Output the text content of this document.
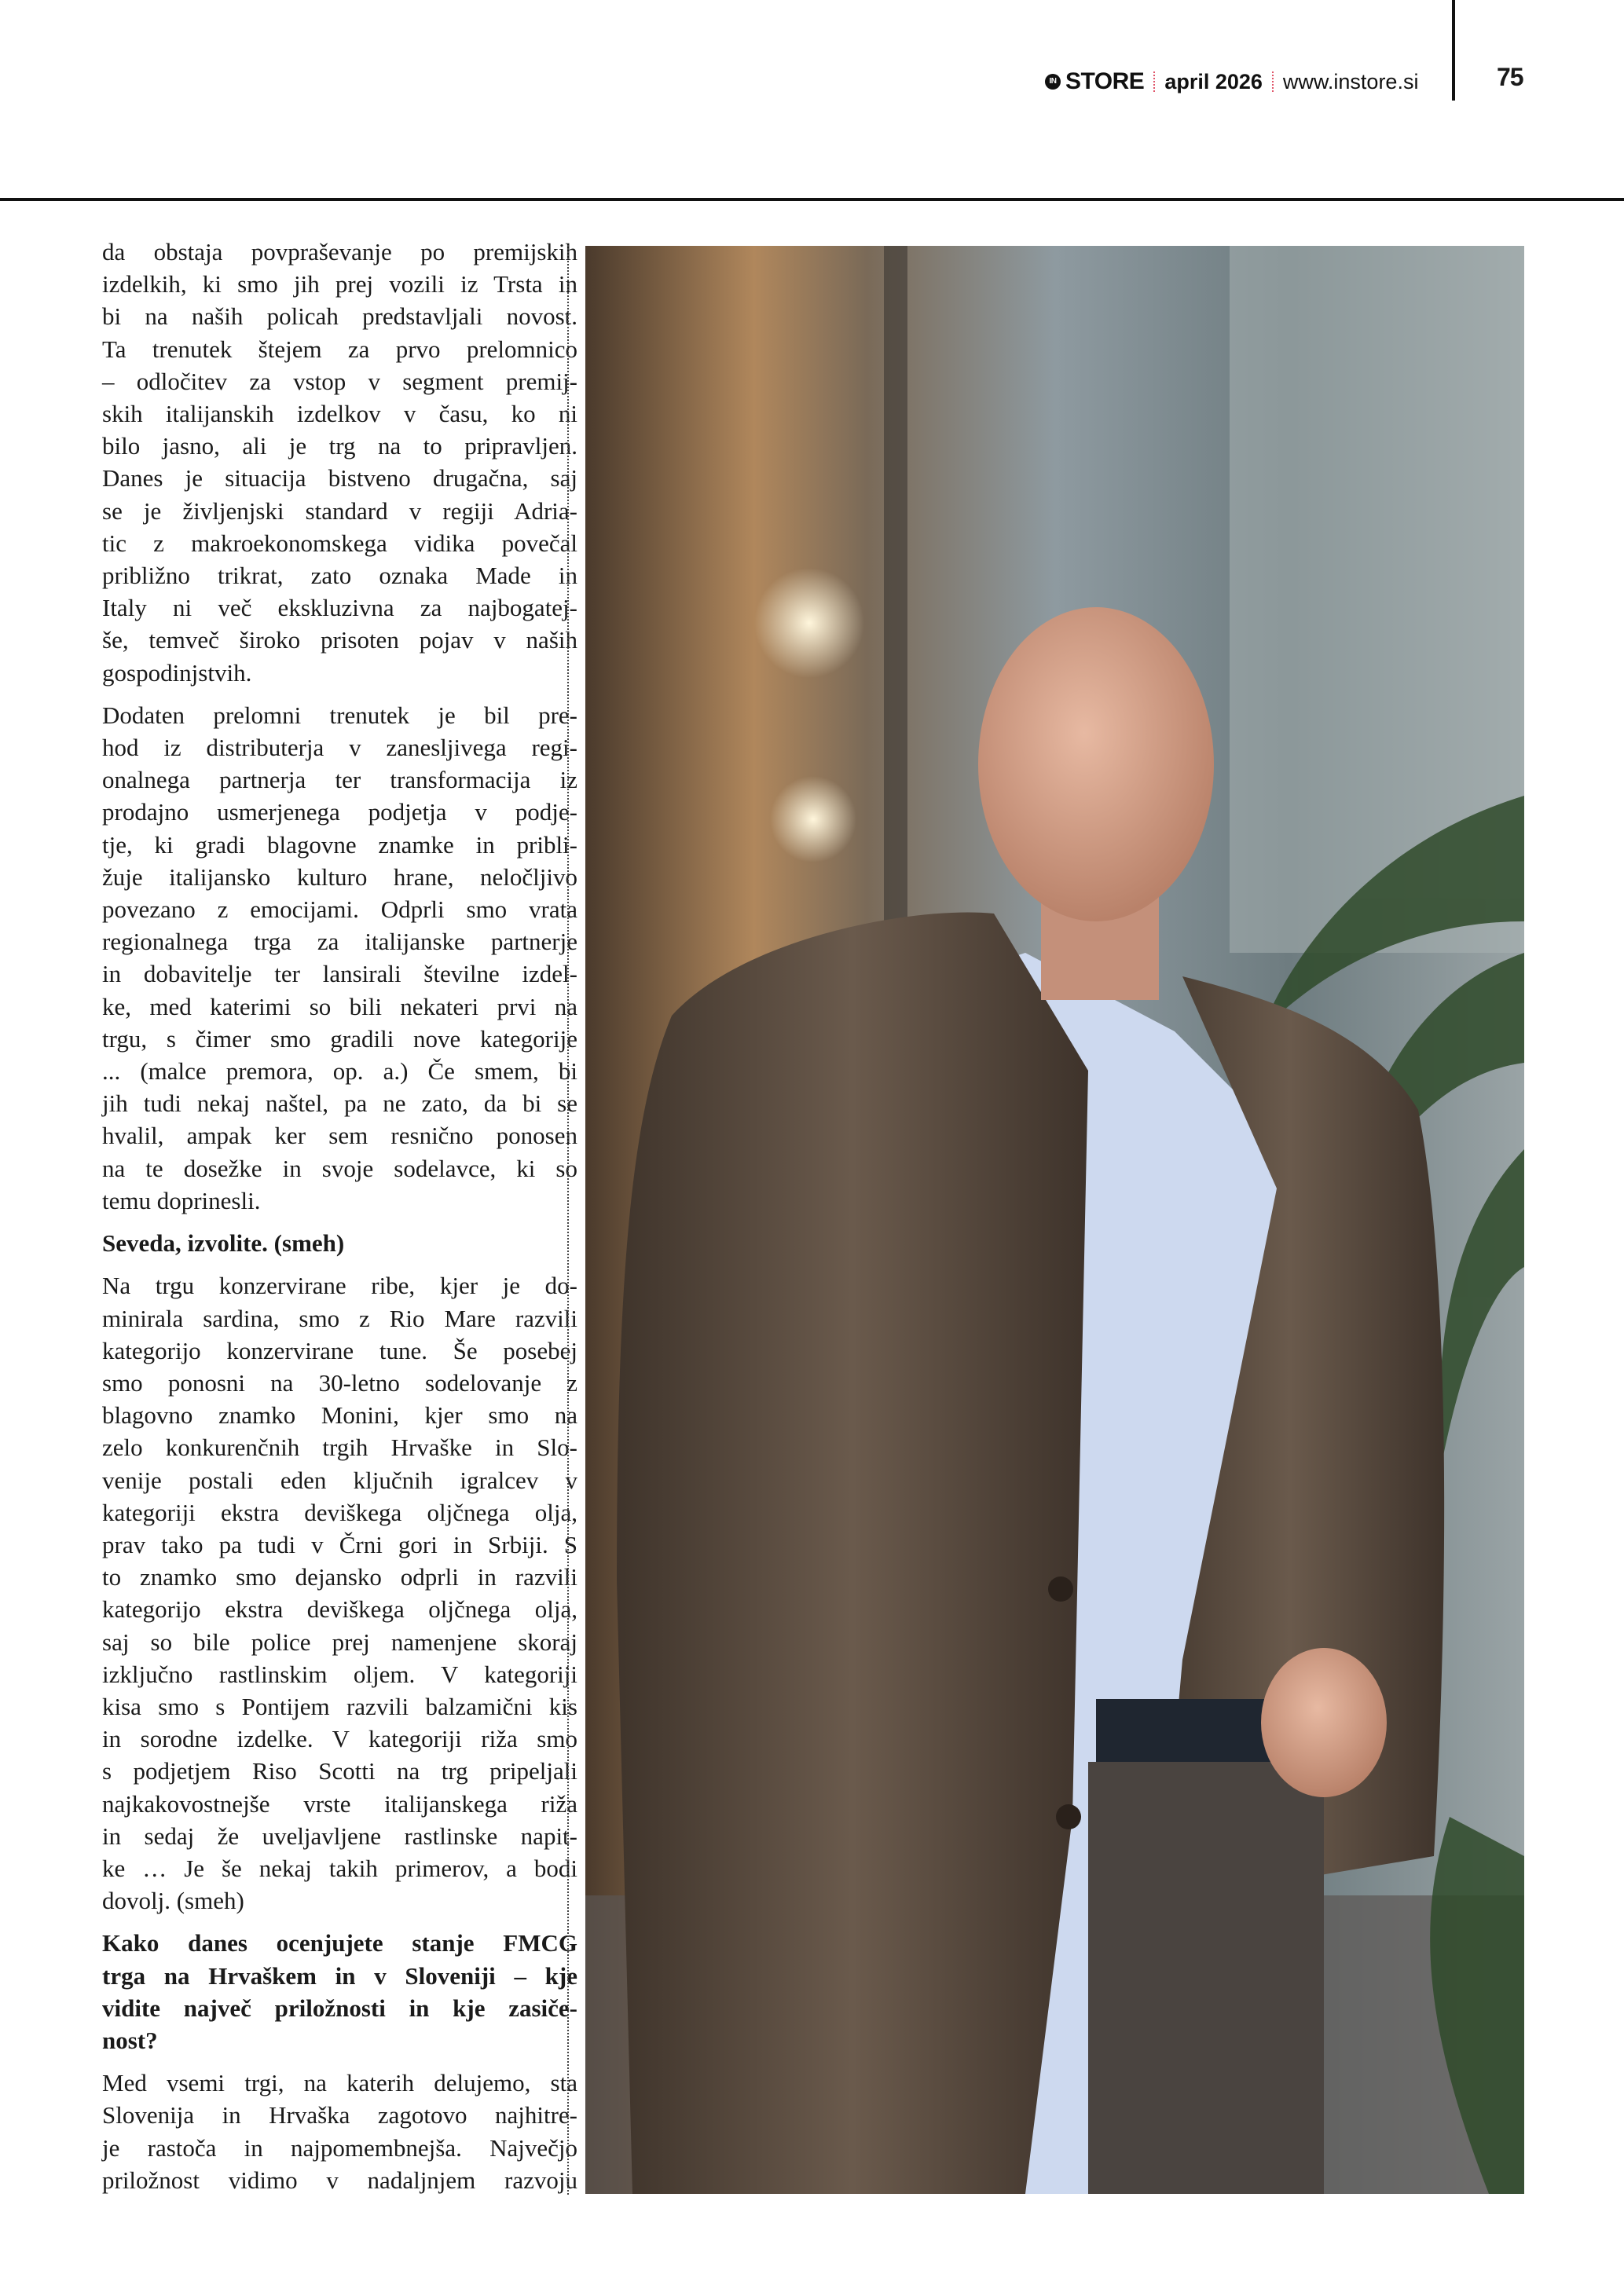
IN STORE april 2026 www.instore.si	75
da obstaja povpraševanje po premijskih
izdelkih, ki smo jih prej vozili iz Trsta in
bi na naših policah predstavljali novost.
Ta trenutek štejem za prvo prelomnico
– odločitev za vstop v segment premij-
skih italijanskih izdelkov v času, ko ni
bilo jasno, ali je trg na to pripravljen.
Danes je situacija bistveno drugačna, saj
se je življenjski standard v regiji Adria-
tic z makroekonomskega vidika povečal
približno trikrat, zato oznaka Made in
Italy ni več ekskluzivna za najbogatej-
še, temveč široko prisoten pojav v naših
gospodinjstvih.
Dodaten prelomni trenutek je bil pre-
hod iz distributerja v zanesljivega regi-
onalnega partnerja ter transformacija iz
prodajno usmerjenega podjetja v podje-
tje, ki gradi blagovne znamke in pribli-
žuje italijansko kulturo hrane, neločljivo
povezano z emocijami. Odprli smo vrata
regionalnega trga za italijanske partnerje
in dobavitelje ter lansirali številne izdel-
ke, med katerimi so bili nekateri prvi na
trgu, s čimer smo gradili nove kategorije
... (malce premora, op. a.) Če smem, bi
jih tudi nekaj naštel, pa ne zato, da bi se
hvalil, ampak ker sem resnično ponosen
na te dosežke in svoje sodelavce, ki so
temu doprinesli.
Seveda, izvolite. (smeh)
Na trgu konzervirane ribe, kjer je do-
minirala sardina, smo z Rio Mare razvili
kategorijo konzervirane tune. Še posebej
smo ponosni na 30-letno sodelovanje z
blagovno znamko Monini, kjer smo na
zelo konkurenčnih trgih Hrvaške in Slo-
venije postali eden ključnih igralcev v
kategoriji ekstra deviškega oljčnega olja,
prav tako pa tudi v Črni gori in Srbiji. S
to znamko smo dejansko odprli in razvili
kategorijo ekstra deviškega oljčnega olja,
saj so bile police prej namenjene skoraj
izključno rastlinskim oljem. V kategoriji
kisa smo s Pontijem razvili balzamični kis
in sorodne izdelke. V kategoriji riža smo
s podjetjem Riso Scotti na trg pripeljali
najkakovostnejše vrste italijanskega riža
in sedaj že uveljavljene rastlinske napit-
ke … Je še nekaj takih primerov, a bodi
dovolj. (smeh)
Kako danes ocenjujete stanje FMCG
trga na Hrvaškem in v Sloveniji – kje
vidite največ priložnosti in kje zasiče-
nost?
Med vsemi trgi, na katerih delujemo, sta
Slovenija in Hrvaška zagotovo najhitre-
je rastoča in najpomembnejša. Največjo
priložnost vidimo v nadaljnjem razvoju
